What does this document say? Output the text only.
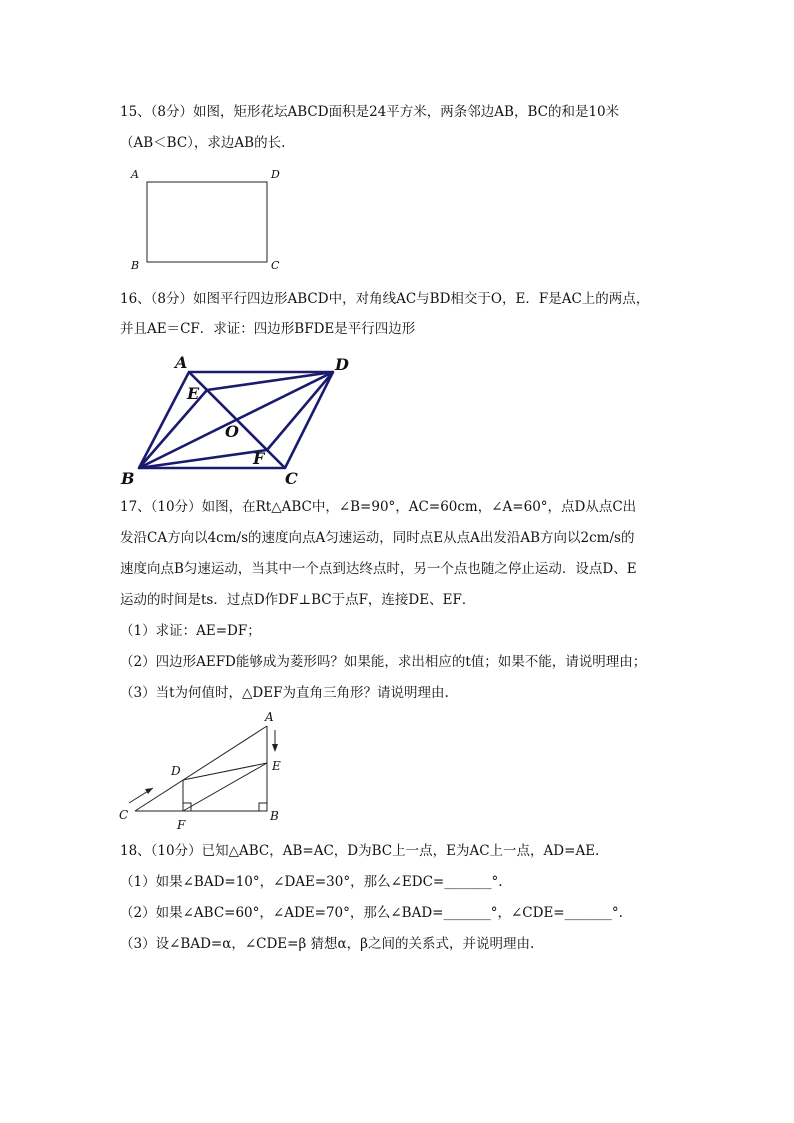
15、（8分）如图，矩形花坛ABCD面积是24平方米，两条邻边AB，BC的和是10米
（AB＜BC），求边AB的长.
A	D
B	C
16、（8分）如图平行四边形ABCD中，对角线AC与BD相交于O，E．F是AC上的两点，
并且AE＝CF．求证：四边形BFDE是平行四边形
A	D
E
O
F
B	C
17、（10分）如图，在Rt△ABC中，∠B=90°，AC=60cm，∠A=60°，点D从点C出
发沿CA方向以4cm/s的速度向点A匀速运动，同时点E从点A出发沿AB方向以2cm/s的
速度向点B匀速运动，当其中一个点到达终点时，另一个点也随之停止运动．设点D、E
运动的时间是ts．过点D作DF⊥BC于点F，连接DE、EF．
（1）求证：AE=DF；
（2）四边形AEFD能够成为菱形吗？如果能，求出相应的t值；如果不能，请说明理由；
（3）当t为何值时，△DEF为直角三角形？请说明理由.
A
D	E
C
F
B
18、（10分）已知△ABC，AB=AC，D为BC上一点，E为AC上一点，AD=AE.
（1）如果∠BAD=10°，∠DAE=30°，那么∠EDC=_______°.
（2）如果∠ABC=60°，∠ADE=70°，那么∠BAD=_______°，∠CDE=_______°.
（3）设∠BAD=α，∠CDE=β 猜想α，β之间的关系式，并说明理由.
